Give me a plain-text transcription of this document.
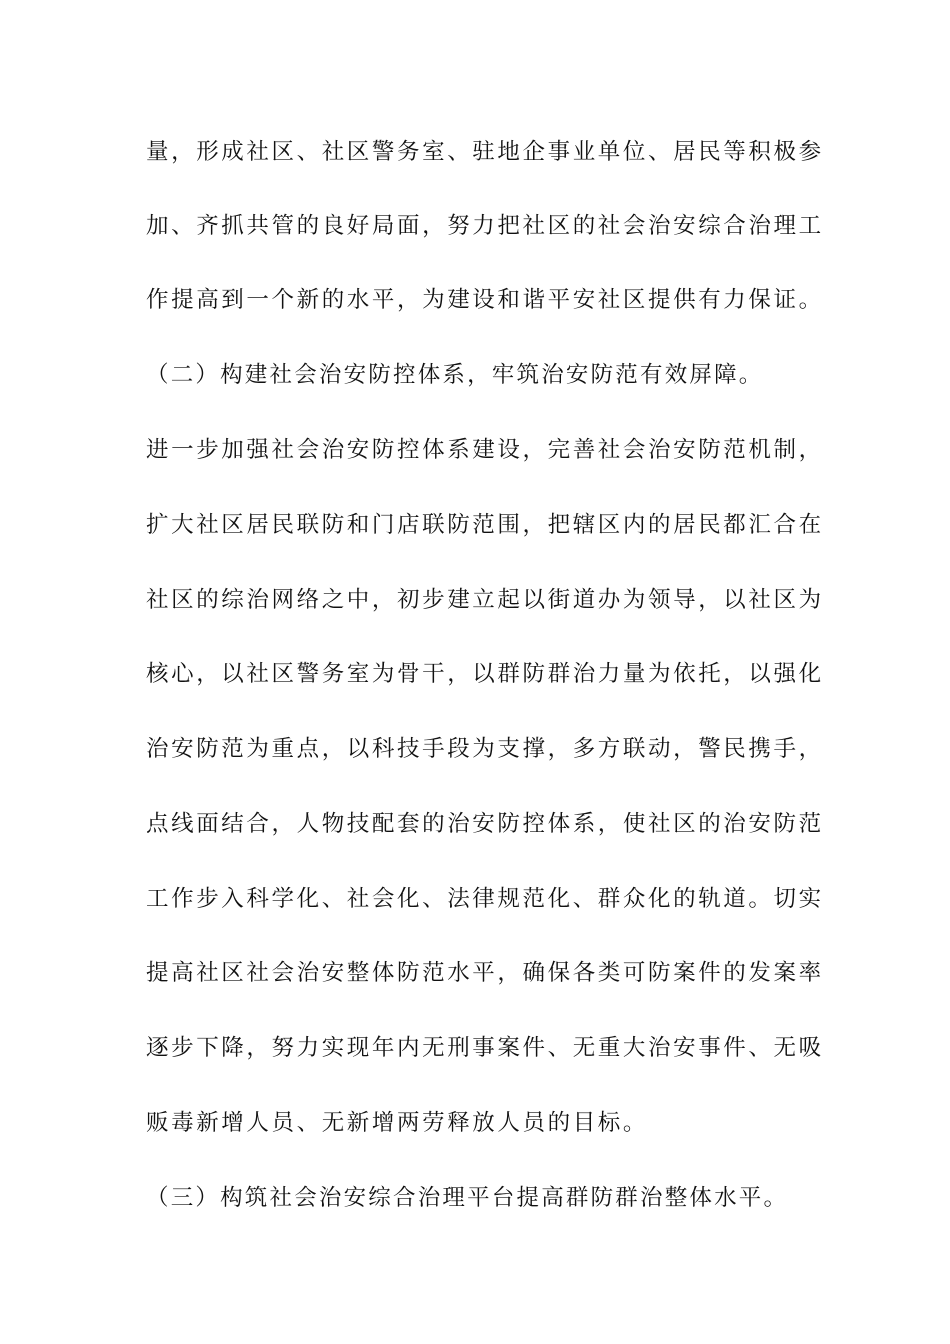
量，形成社区、社区警务室、驻地企事业单位、居民等积极参
加、齐抓共管的良好局面，努力把社区的社会治安综合治理工
作提高到一个新的水平，为建设和谐平安社区提供有力保证。
（二）构建社会治安防控体系，牢筑治安防范有效屏障。
进一步加强社会治安防控体系建设，完善社会治安防范机制，
扩大社区居民联防和门店联防范围，把辖区内的居民都汇合在
社区的综治网络之中，初步建立起以街道办为领导，以社区为
核心，以社区警务室为骨干，以群防群治力量为依托，以强化
治安防范为重点，以科技手段为支撑，多方联动，警民携手，
点线面结合，人物技配套的治安防控体系，使社区的治安防范
工作步入科学化、社会化、法律规范化、群众化的轨道。切实
提高社区社会治安整体防范水平，确保各类可防案件的发案率
逐步下降，努力实现年内无刑事案件、无重大治安事件、无吸
贩毒新增人员、无新增两劳释放人员的目标。
（三）构筑社会治安综合治理平台提高群防群治整体水平。
